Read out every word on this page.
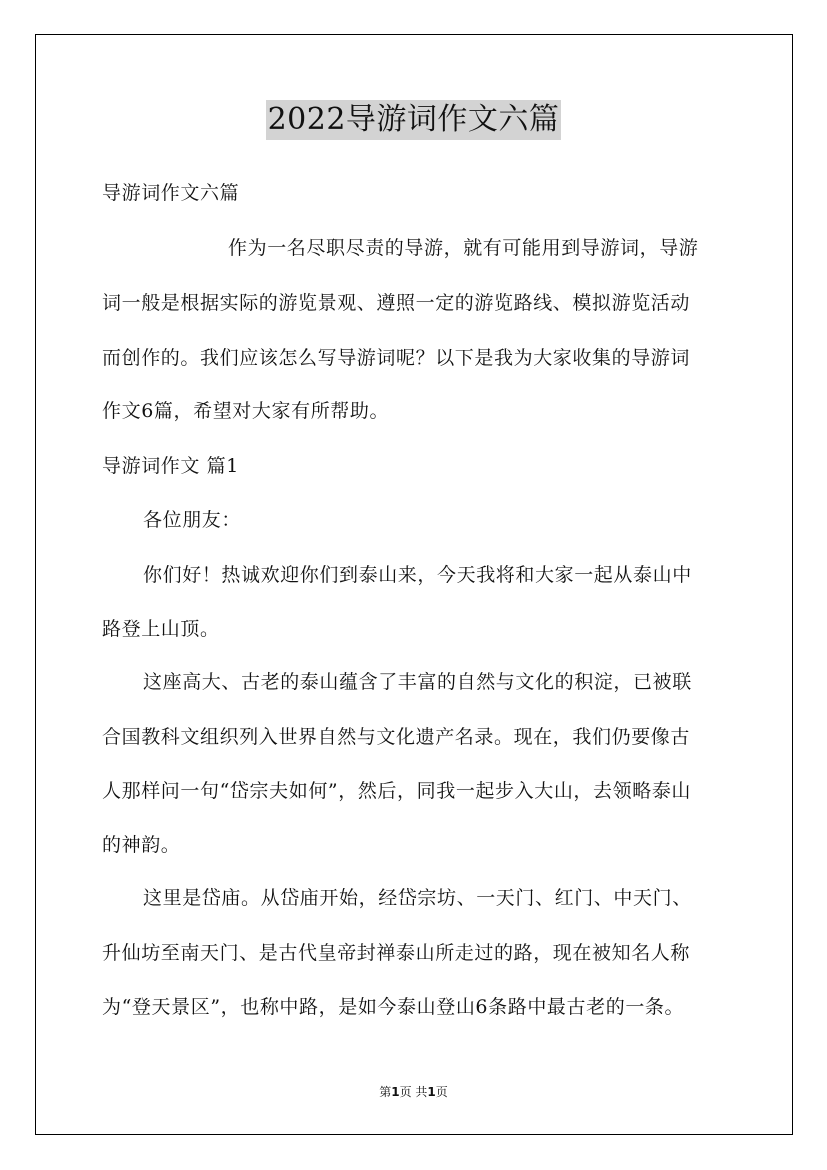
2022导游词作文六篇
导游词作文六篇
作为一名尽职尽责的导游，就有可能用到导游词，导游
词一般是根据实际的游览景观、遵照一定的游览路线、模拟游览活动
而创作的。我们应该怎么写导游词呢？以下是我为大家收集的导游词
作文6篇，希望对大家有所帮助。
导游词作文 篇1
各位朋友：
你们好！热诚欢迎你们到泰山来，今天我将和大家一起从泰山中
路登上山顶。
这座高大、古老的泰山蕴含了丰富的自然与文化的积淀，已被联
合国教科文组织列入世界自然与文化遗产名录。现在，我们仍要像古
人那样问一句“岱宗夫如何”，然后，同我一起步入大山，去领略泰山
的神韵。
这里是岱庙。从岱庙开始，经岱宗坊、一天门、红门、中天门、
升仙坊至南天门、是古代皇帝封禅泰山所走过的路，现在被知名人称
为“登天景区”，也称中路，是如今泰山登山6条路中最古老的一条。
第1页 共1页
